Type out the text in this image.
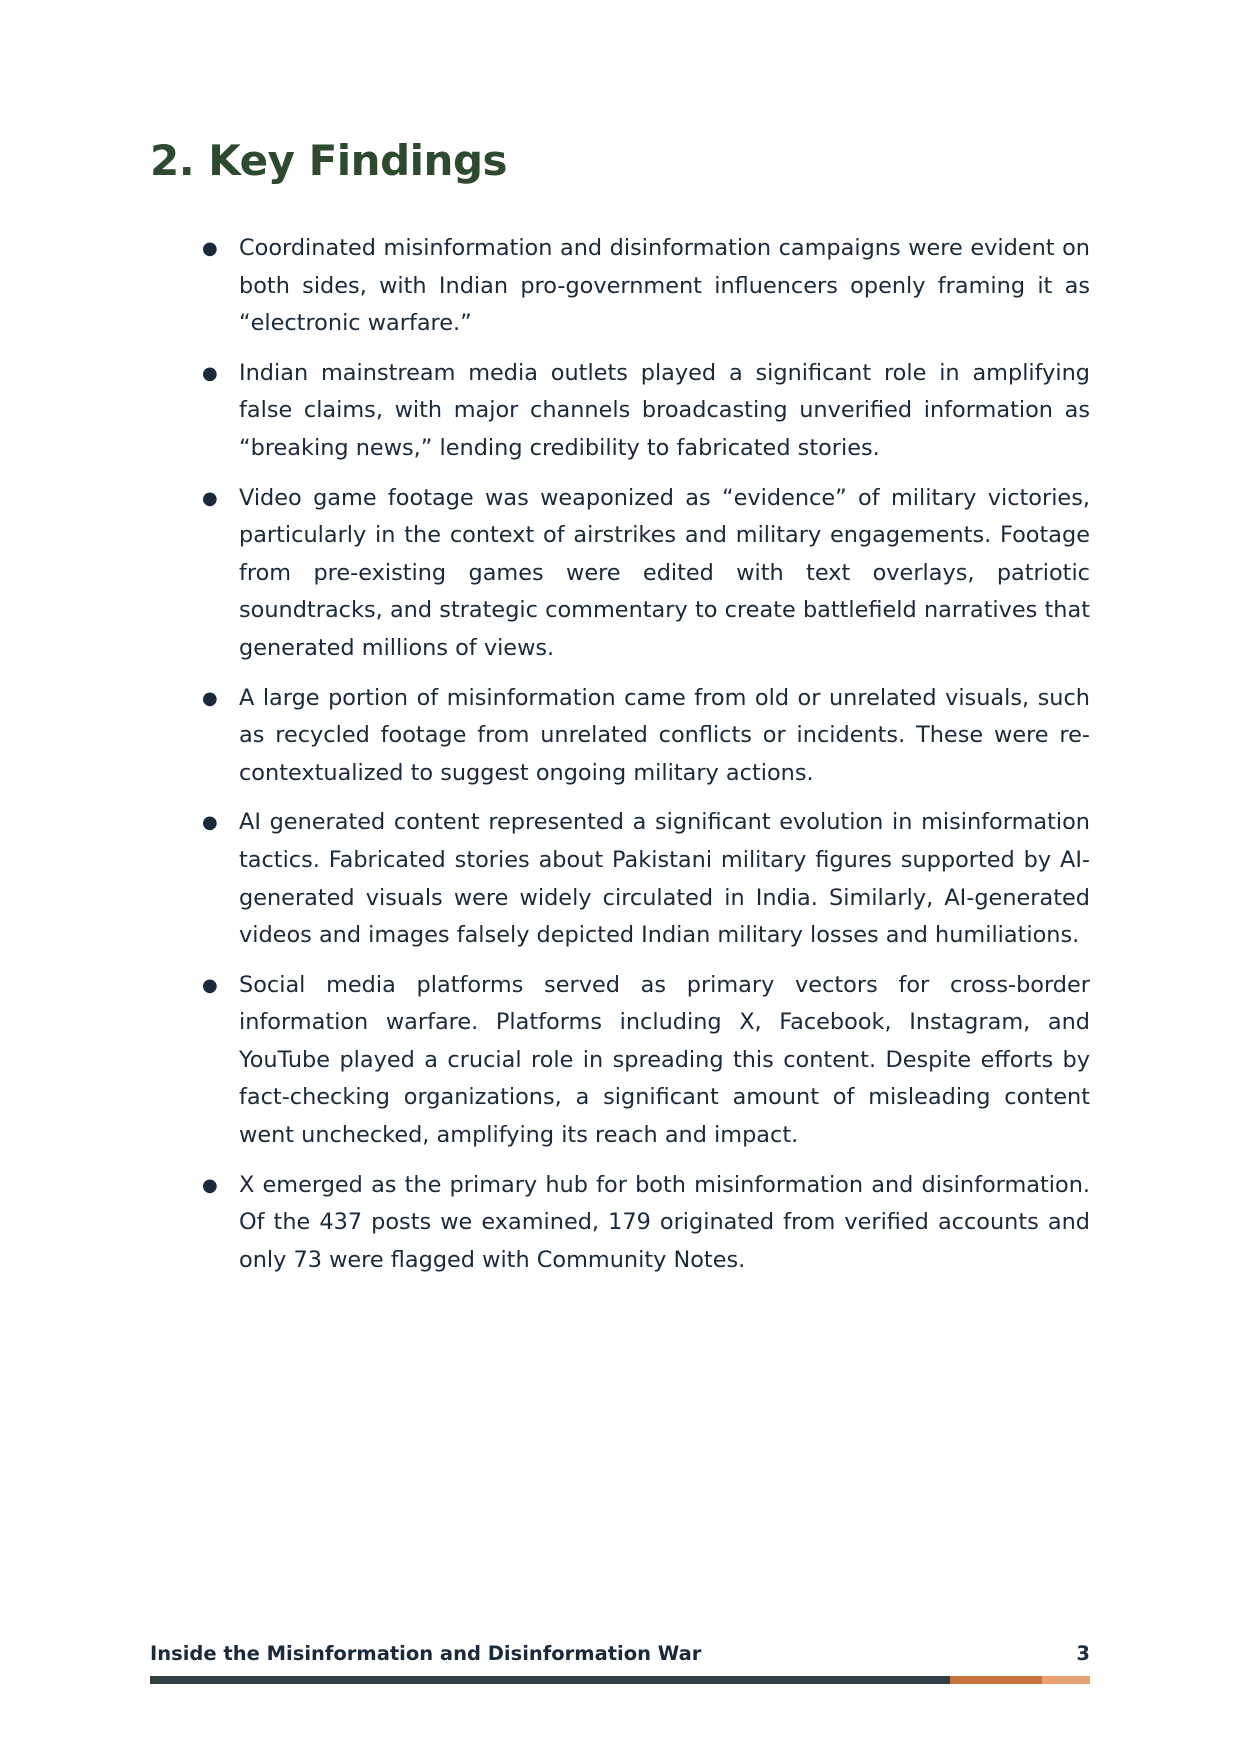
2. Key Findings
● Coordinated misinformation and disinformation campaigns were evident on both sides, with Indian pro-government influencers openly framing it as “electronic warfare.”
● Indian mainstream media outlets played a significant role in amplifying false claims, with major channels broadcasting unverified information as “breaking news,” lending credibility to fabricated stories.
● Video game footage was weaponized as “evidence” of military victories, particularly in the context of airstrikes and military engagements. Footage from pre-existing games were edited with text overlays, patriotic soundtracks, and strategic commentary to create battlefield narratives that generated millions of views.
● A large portion of misinformation came from old or unrelated visuals, such as recycled footage from unrelated conflicts or incidents. These were re-contextualized to suggest ongoing military actions.
● AI generated content represented a significant evolution in misinformation tactics. Fabricated stories about Pakistani military figures supported by AI-generated visuals were widely circulated in India. Similarly, AI-generated videos and images falsely depicted Indian military losses and humiliations.
● Social media platforms served as primary vectors for cross-border information warfare. Platforms including X, Facebook, Instagram, and YouTube played a crucial role in spreading this content. Despite efforts by fact-checking organizations, a significant amount of misleading content went unchecked, amplifying its reach and impact.
● X emerged as the primary hub for both misinformation and disinformation. Of the 437 posts we examined, 179 originated from verified accounts and only 73 were flagged with Community Notes.
Inside the Misinformation and Disinformation War	3
